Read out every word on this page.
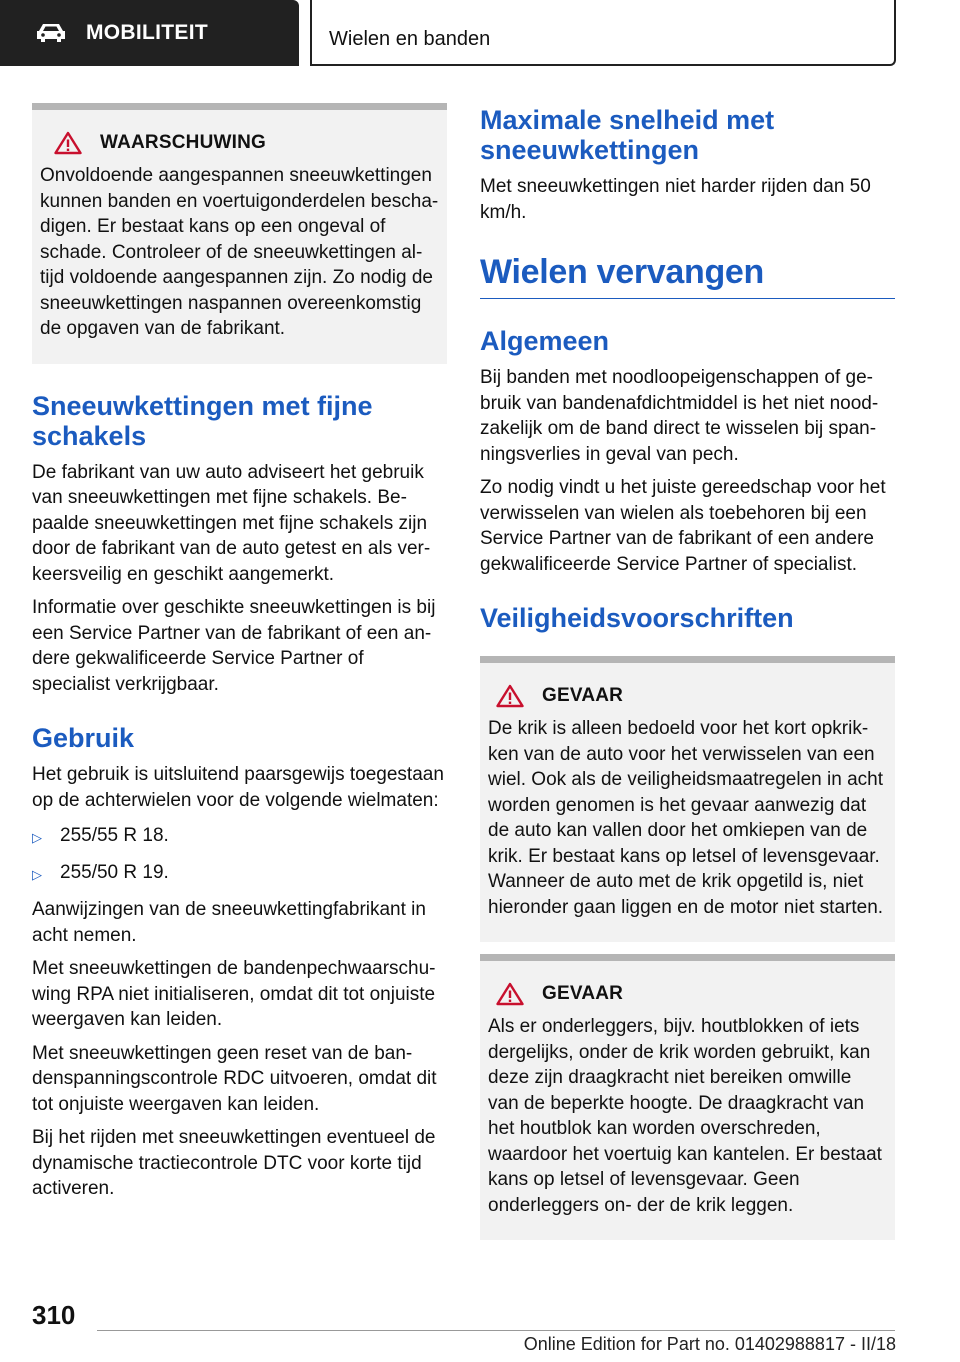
MOBILITEIT	Wielen en banden
WAARSCHUWING

Onvoldoende aangespannen sneeuwkettingen kunnen banden en voertuigonderdelen bescha- digen. Er bestaat kans op een ongeval of schade. Controleer of de sneeuwkettingen al- tijd voldoende aangespannen zijn. Zo nodig de sneeuwkettingen naspannen overeenkomstig de opgaven van de fabrikant.

Sneeuwkettingen met fijne schakels

De fabrikant van uw auto adviseert het gebruik van sneeuwkettingen met fijne schakels. Be- paalde sneeuwkettingen met fijne schakels zijn door de fabrikant van de auto getest en als ver- keersveilig en geschikt aangemerkt.

Informatie over geschikte sneeuwkettingen is bij een Service Partner van de fabrikant of een an- dere gekwalificeerde Service Partner of specialist verkrijgbaar.

Gebruik

Het gebruik is uitsluitend paarsgewijs toegestaan op de achterwielen voor de volgende wielmaten:

▷ 255/55 R 18.
▷ 255/50 R 19.

Aanwijzingen van de sneeuwkettingfabrikant in acht nemen.

Met sneeuwkettingen de bandenpechwaarschu- wing RPA niet initialiseren, omdat dit tot onjuiste weergaven kan leiden.

Met sneeuwkettingen geen reset van de ban- denspanningscontrole RDC uitvoeren, omdat dit tot onjuiste weergaven kan leiden.

Bij het rijden met sneeuwkettingen eventueel de dynamische tractiecontrole DTC voor korte tijd activeren.

Maximale snelheid met sneeuwkettingen

Met sneeuwkettingen niet harder rijden dan 50 km/h.

Wielen vervangen
Algemeen

Bij banden met noodloopeigenschappen of ge- bruik van bandenafdichtmiddel is het niet nood- zakelijk om de band direct te wisselen bij span- ningsverlies in geval van pech.

Zo nodig vindt u het juiste gereedschap voor het verwisselen van wielen als toebehoren bij een Service Partner van de fabrikant of een andere gekwalificeerde Service Partner of specialist.

Veiligheidsvoorschriften
GEVAAR

De krik is alleen bedoeld voor het kort opkrik- ken van de auto voor het verwisselen van een wiel. Ook als de veiligheidsmaatregelen in acht worden genomen is het gevaar aanwezig dat de auto kan vallen door het omkiepen van de krik. Er bestaat kans op letsel of levensgevaar. Wanneer de auto met de krik opgetild is, niet hieronder gaan liggen en de motor niet starten.

GEVAAR

Als er onderleggers, bijv. houtblokken of iets dergelijks, onder de krik worden gebruikt, kan deze zijn draagkracht niet bereiken omwille van de beperkte hoogte. De draagkracht van het houtblok kan worden overschreden, waardoor het voertuig kan kantelen. Er bestaat kans op letsel of levensgevaar. Geen onderleggers on- der de krik leggen.

310
Online Edition for Part no. 01402988817 - II/18
